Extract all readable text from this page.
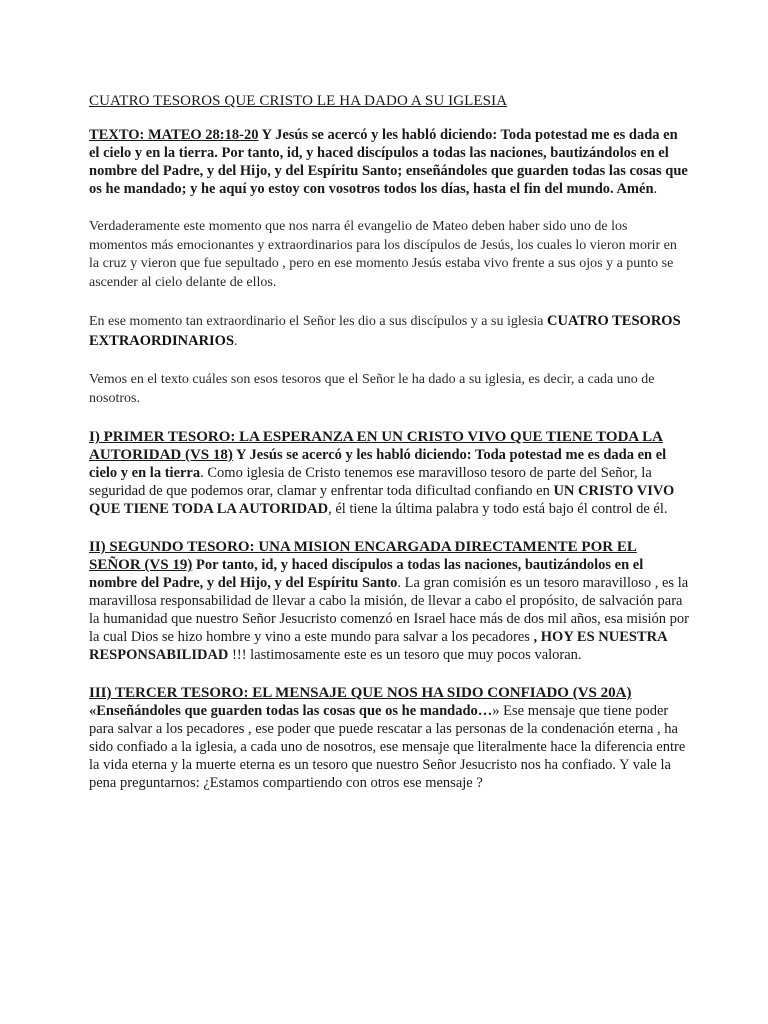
CUATRO TESOROS QUE CRISTO LE HA DADO A SU IGLESIA

TEXTO: MATEO 28:18-20 Y Jesús se acercó y les habló diciendo: Toda potestad me es dada en el cielo y en la tierra. Por tanto, id, y haced discípulos a todas las naciones, bautizándolos en el nombre del Padre, y del Hijo, y del Espíritu Santo; enseñándoles que guarden todas las cosas que os he mandado; y he aquí yo estoy con vosotros todos los días, hasta el fin del mundo. Amén.

Verdaderamente este momento que nos narra él evangelio de Mateo deben haber sido uno de los momentos más emocionantes y extraordinarios para los discípulos de Jesús, los cuales lo vieron morir en la cruz y vieron que fue sepultado , pero en ese momento Jesús estaba vivo frente a sus ojos y a punto se ascender al cielo delante de ellos.

En ese momento tan extraordinario el Señor les dio a sus discípulos y a su iglesia CUATRO TESOROS EXTRAORDINARIOS.

Vemos en el texto cuáles son esos tesoros que el Señor le ha dado a su iglesia, es decir, a cada uno de nosotros.

I) PRIMER TESORO: LA ESPERANZA EN UN CRISTO VIVO QUE TIENE TODA LA AUTORIDAD (VS 18) Y Jesús se acercó y les habló diciendo: Toda potestad me es dada en el cielo y en la tierra. Como iglesia de Cristo tenemos ese maravilloso tesoro de parte del Señor, la seguridad de que podemos orar, clamar y enfrentar toda dificultad confiando en UN CRISTO VIVO QUE TIENE TODA LA AUTORIDAD, él tiene la última palabra y todo está bajo él control de él.

II) SEGUNDO TESORO: UNA MISION ENCARGADA DIRECTAMENTE POR EL SEÑOR (VS 19) Por tanto, id, y haced discípulos a todas las naciones, bautizándolos en el nombre del Padre, y del Hijo, y del Espíritu Santo. La gran comisión es un tesoro maravilloso , es la maravillosa responsabilidad de llevar a cabo la misión, de llevar a cabo el propósito, de salvación para la humanidad que nuestro Señor Jesucristo comenzó en Israel hace más de dos mil años, esa misión por la cual Dios se hizo hombre y vino a este mundo para salvar a los pecadores , HOY ES NUESTRA RESPONSABILIDAD !!! lastimosamente este es un tesoro que muy pocos valoran.

III) TERCER TESORO: EL MENSAJE QUE NOS HA SIDO CONFIADO (VS 20A) «Enseñándoles que guarden todas las cosas que os he mandado…» Ese mensaje que tiene poder para salvar a los pecadores , ese poder que puede rescatar a las personas de la condenación eterna , ha sido confiado a la iglesia, a cada uno de nosotros, ese mensaje que literalmente hace la diferencia entre la vida eterna y la muerte eterna es un tesoro que nuestro Señor Jesucristo nos ha confiado. Y vale la pena preguntarnos: ¿Estamos compartiendo con otros ese mensaje ?
